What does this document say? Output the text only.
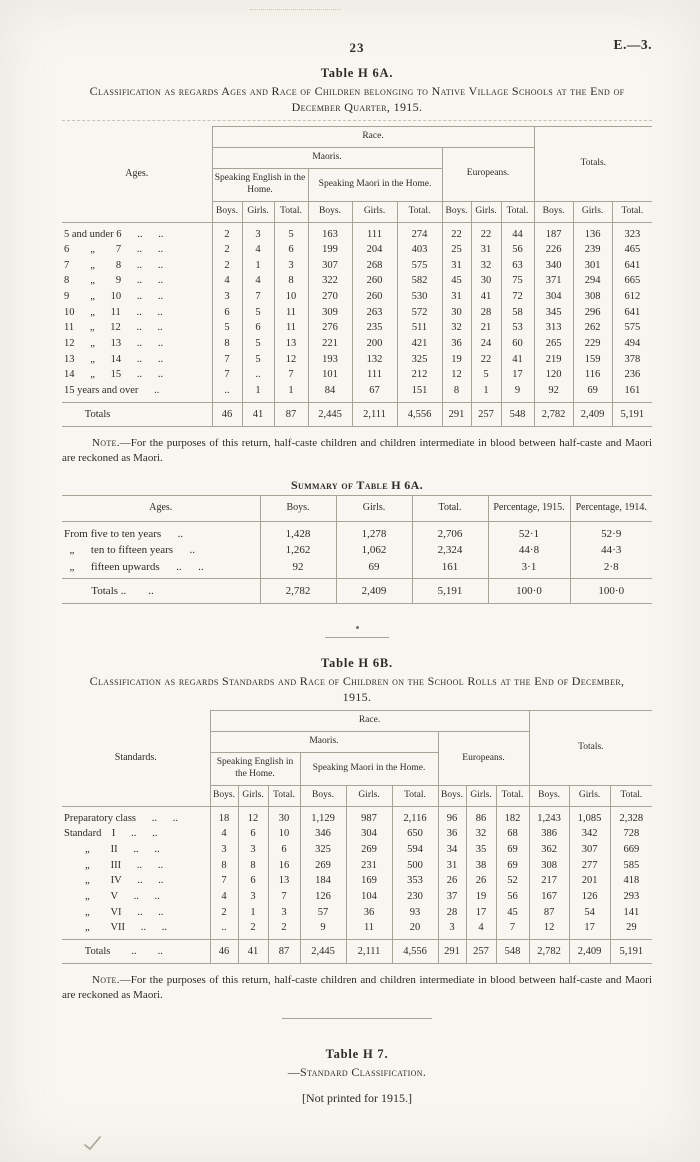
23	E.—3.
Table H 6A.

Classification as regards Ages and Race of Children belonging to Native Village Schools at the End of December Quarter, 1915.

Ages.	Race.									Totals.		
	Maoris.						Europeans.					
	Speaking English in the Home.			Speaking Maori in the Home.								
	Boys.	Girls.	Total.	Boys.	Girls.	Total.	Boys.	Girls.	Total.	Boys.	Girls.	Total.
5 and under 6      ..      ..	2	3	5	163	111	274	22	22	44	187	136	323
6        „        7      ..      ..	2	4	6	199	204	403	25	31	56	226	239	465
7        „        8      ..      ..	2	1	3	307	268	575	31	32	63	340	301	641
8        „        9      ..      ..	4	4	8	322	260	582	45	30	75	371	294	665
9        „      10      ..      ..	3	7	10	270	260	530	31	41	72	304	308	612
10      „      11      ..      ..	6	5	11	309	263	572	30	28	58	345	296	641
11      „      12      ..      ..	5	6	11	276	235	511	32	21	53	313	262	575
12      „      13      ..      ..	8	5	13	221	200	421	36	24	60	265	229	494
13      „      14      ..      ..	7	5	12	193	132	325	19	22	41	219	159	378
14      „      15      ..      ..	7	..	7	101	111	212	12	5	17	120	116	236
15 years and over      ..	..	1	1	84	67	151	8	1	9	92	69	161
Totals	46	41	87	2,445	2,111	4,556	291	257	548	2,782	2,409	5,191

Note.—For the purposes of this return, half-caste children and children intermediate in blood between half-caste and Maori are reckoned as Maori.

Summary of Table H 6A.
Ages.	Boys.	Girls.	Total.	Percentage, 1915.	Percentage, 1914.
From five to ten years      ..	1,428	1,278	2,706	52·1	52·9
„      ten to fifteen years      ..	1,262	1,062	2,324	44·8	44·3
„      fifteen upwards      ..      ..	92	69	161	3·1	2·8
Totals ..        ..	2,782	2,409	5,191	100·0	100·0
Table H 6B.

Classification as regards Standards and Race of Children on the School Rolls at the End of December, 1915.

Standards.	Race.									Totals.		
	Maoris.						Europeans.					
	Speaking English in the Home.			Speaking Maori in the Home.								
	Boys.	Girls.	Total.	Boys.	Girls.	Total.	Boys.	Girls.	Total.	Boys.	Girls.	Total.
Preparatory class      ..      ..	18	12	30	1,129	987	2,116	96	86	182	1,243	1,085	2,328
Standard    I      ..      ..	4	6	10	346	304	650	36	32	68	386	342	728
„        II      ..      ..	3	3	6	325	269	594	34	35	69	362	307	669
„        III      ..      ..	8	8	16	269	231	500	31	38	69	308	277	585
„        IV      ..      ..	7	6	13	184	169	353	26	26	52	217	201	418
„        V      ..      ..	4	3	7	126	104	230	37	19	56	167	126	293
„        VI      ..      ..	2	1	3	57	36	93	28	17	45	87	54	141
„        VII      ..      ..	..	2	2	9	11	20	3	4	7	12	17	29
Totals        ..        ..	46	41	87	2,445	2,111	4,556	291	257	548	2,782	2,409	5,191

Note.—For the purposes of this return, half-caste children and children intermediate in blood between half-caste and Maori are reckoned as Maori.

Table H 7.

—Standard Classification.

[Not printed for 1915.]
